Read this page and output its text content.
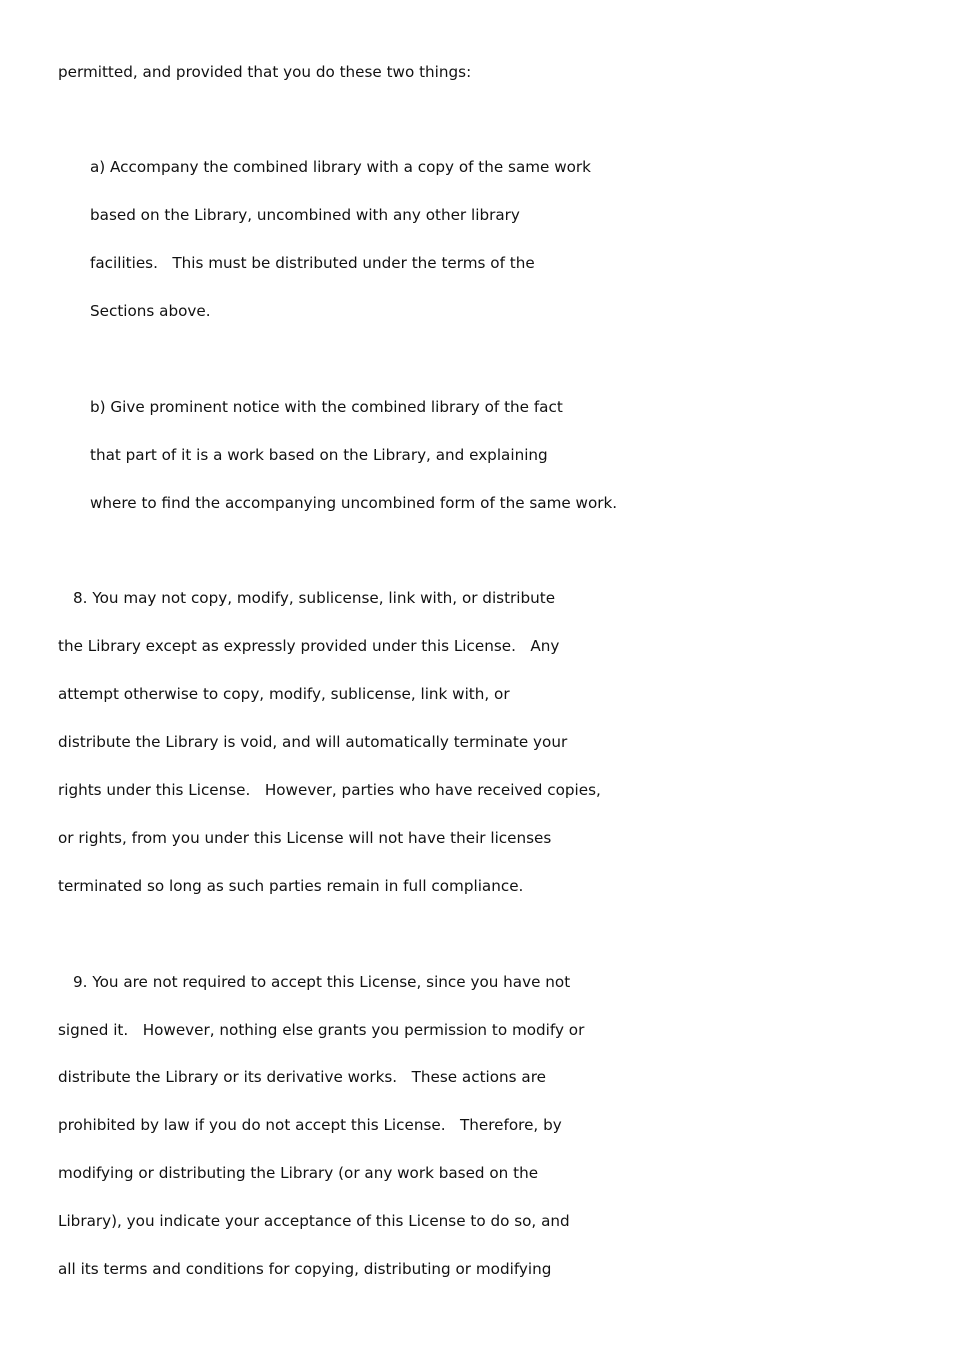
permitted, and provided that you do these two things:
a) Accompany the combined library with a copy of the same work
based on the Library, uncombined with any other library
facilities.   This must be distributed under the terms of the
Sections above.
b) Give prominent notice with the combined library of the fact
that part of it is a work based on the Library, and explaining
where to find the accompanying uncombined form of the same work.
8. You may not copy, modify, sublicense, link with, or distribute
the Library except as expressly provided under this License.   Any
attempt otherwise to copy, modify, sublicense, link with, or
distribute the Library is void, and will automatically terminate your
rights under this License.   However, parties who have received copies,
or rights, from you under this License will not have their licenses
terminated so long as such parties remain in full compliance.
9. You are not required to accept this License, since you have not
signed it.   However, nothing else grants you permission to modify or
distribute the Library or its derivative works.   These actions are
prohibited by law if you do not accept this License.   Therefore, by
modifying or distributing the Library (or any work based on the
Library), you indicate your acceptance of this License to do so, and
all its terms and conditions for copying, distributing or modifying
